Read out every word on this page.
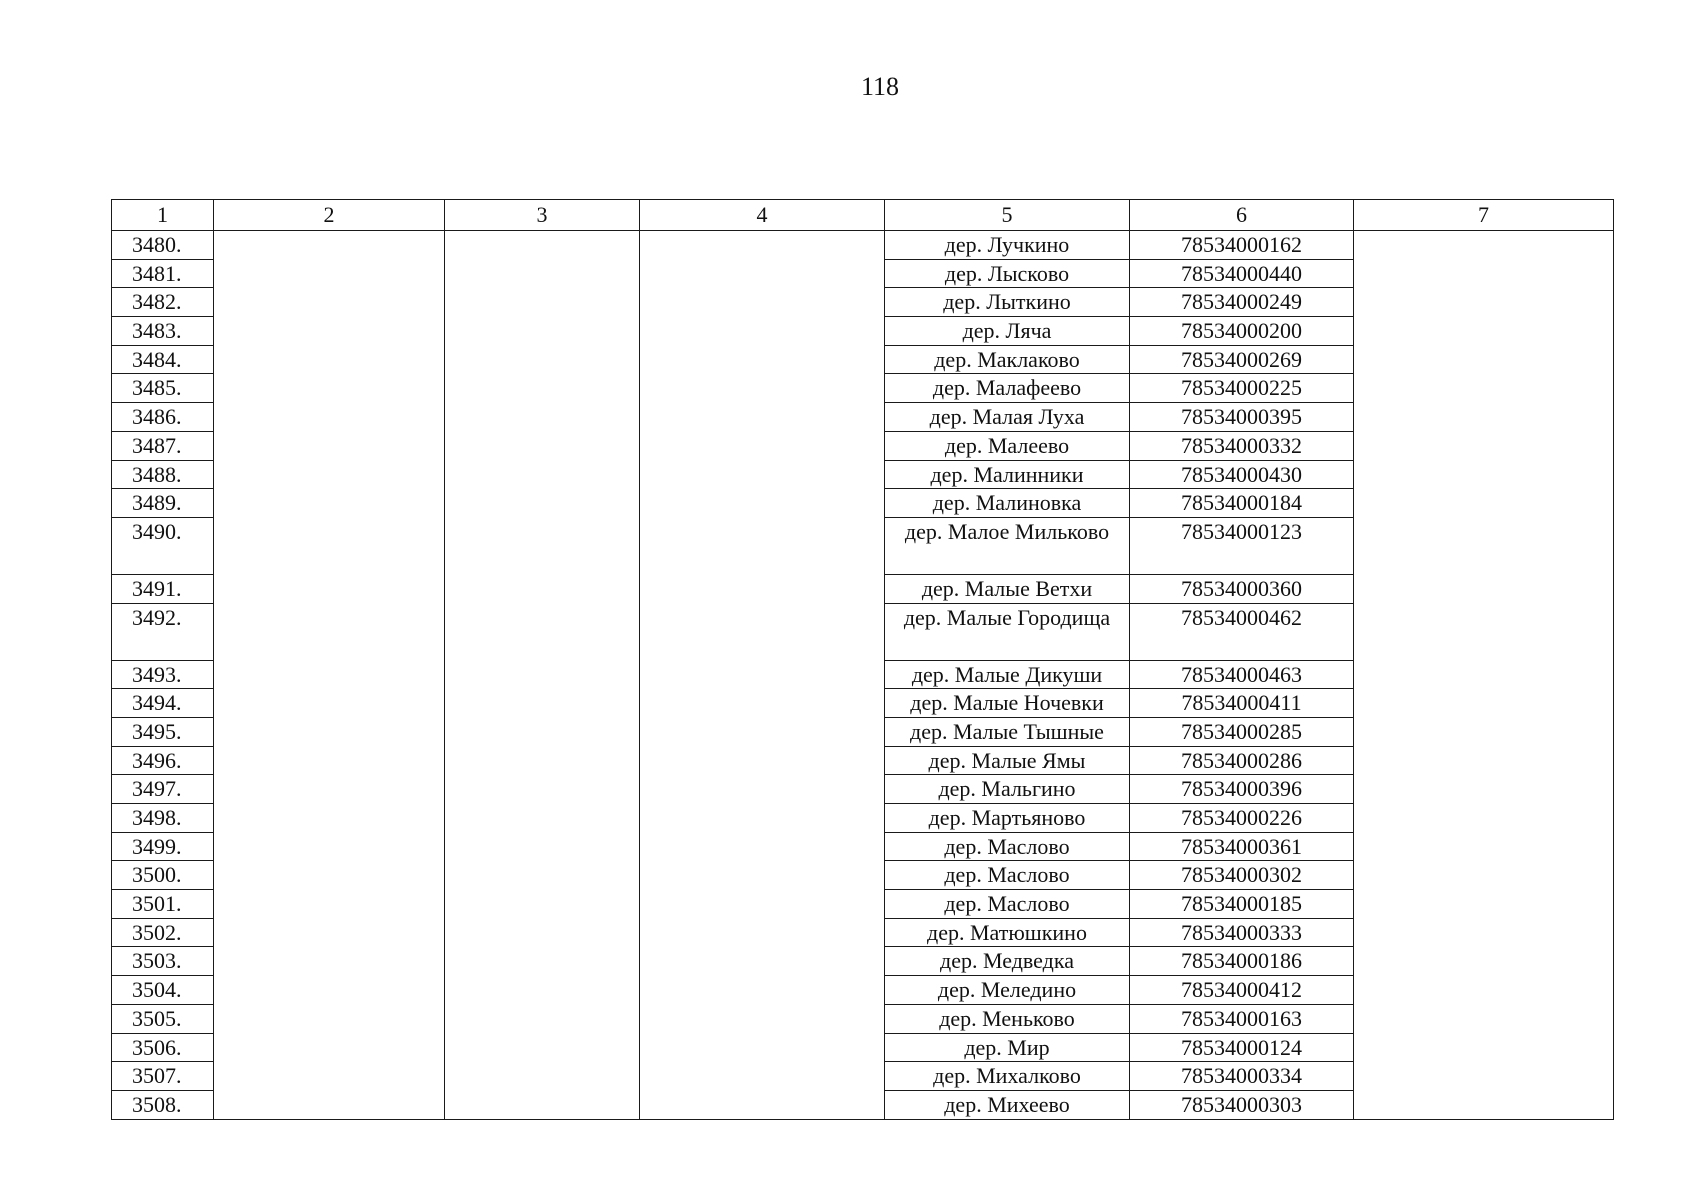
118
1	2	3	4	5	6	7
3480.				дер. Лучкино	78534000162	
3481.				дер. Лысково	78534000440	
3482.				дер. Лыткино	78534000249	
3483.				дер. Ляча	78534000200	
3484.				дер. Маклаково	78534000269	
3485.				дер. Малафеево	78534000225	
3486.				дер. Малая Луха	78534000395	
3487.				дер. Малеево	78534000332	
3488.				дер. Малинники	78534000430	
3489.				дер. Малиновка	78534000184	
3490.				дер. Малое Мильково	78534000123	
3491.				дер. Малые Ветхи	78534000360	
3492.				дер. Малые Городища	78534000462	
3493.				дер. Малые Дикуши	78534000463	
3494.				дер. Малые Ночевки	78534000411	
3495.				дер. Малые Тышные	78534000285	
3496.				дер. Малые Ямы	78534000286	
3497.				дер. Мальгино	78534000396	
3498.				дер. Мартьяново	78534000226	
3499.				дер. Маслово	78534000361	
3500.				дер. Маслово	78534000302	
3501.				дер. Маслово	78534000185	
3502.				дер. Матюшкино	78534000333	
3503.				дер. Медведка	78534000186	
3504.				дер. Меледино	78534000412	
3505.				дер. Меньково	78534000163	
3506.				дер. Мир	78534000124	
3507.				дер. Михалково	78534000334	
3508.				дер. Михеево	78534000303	
